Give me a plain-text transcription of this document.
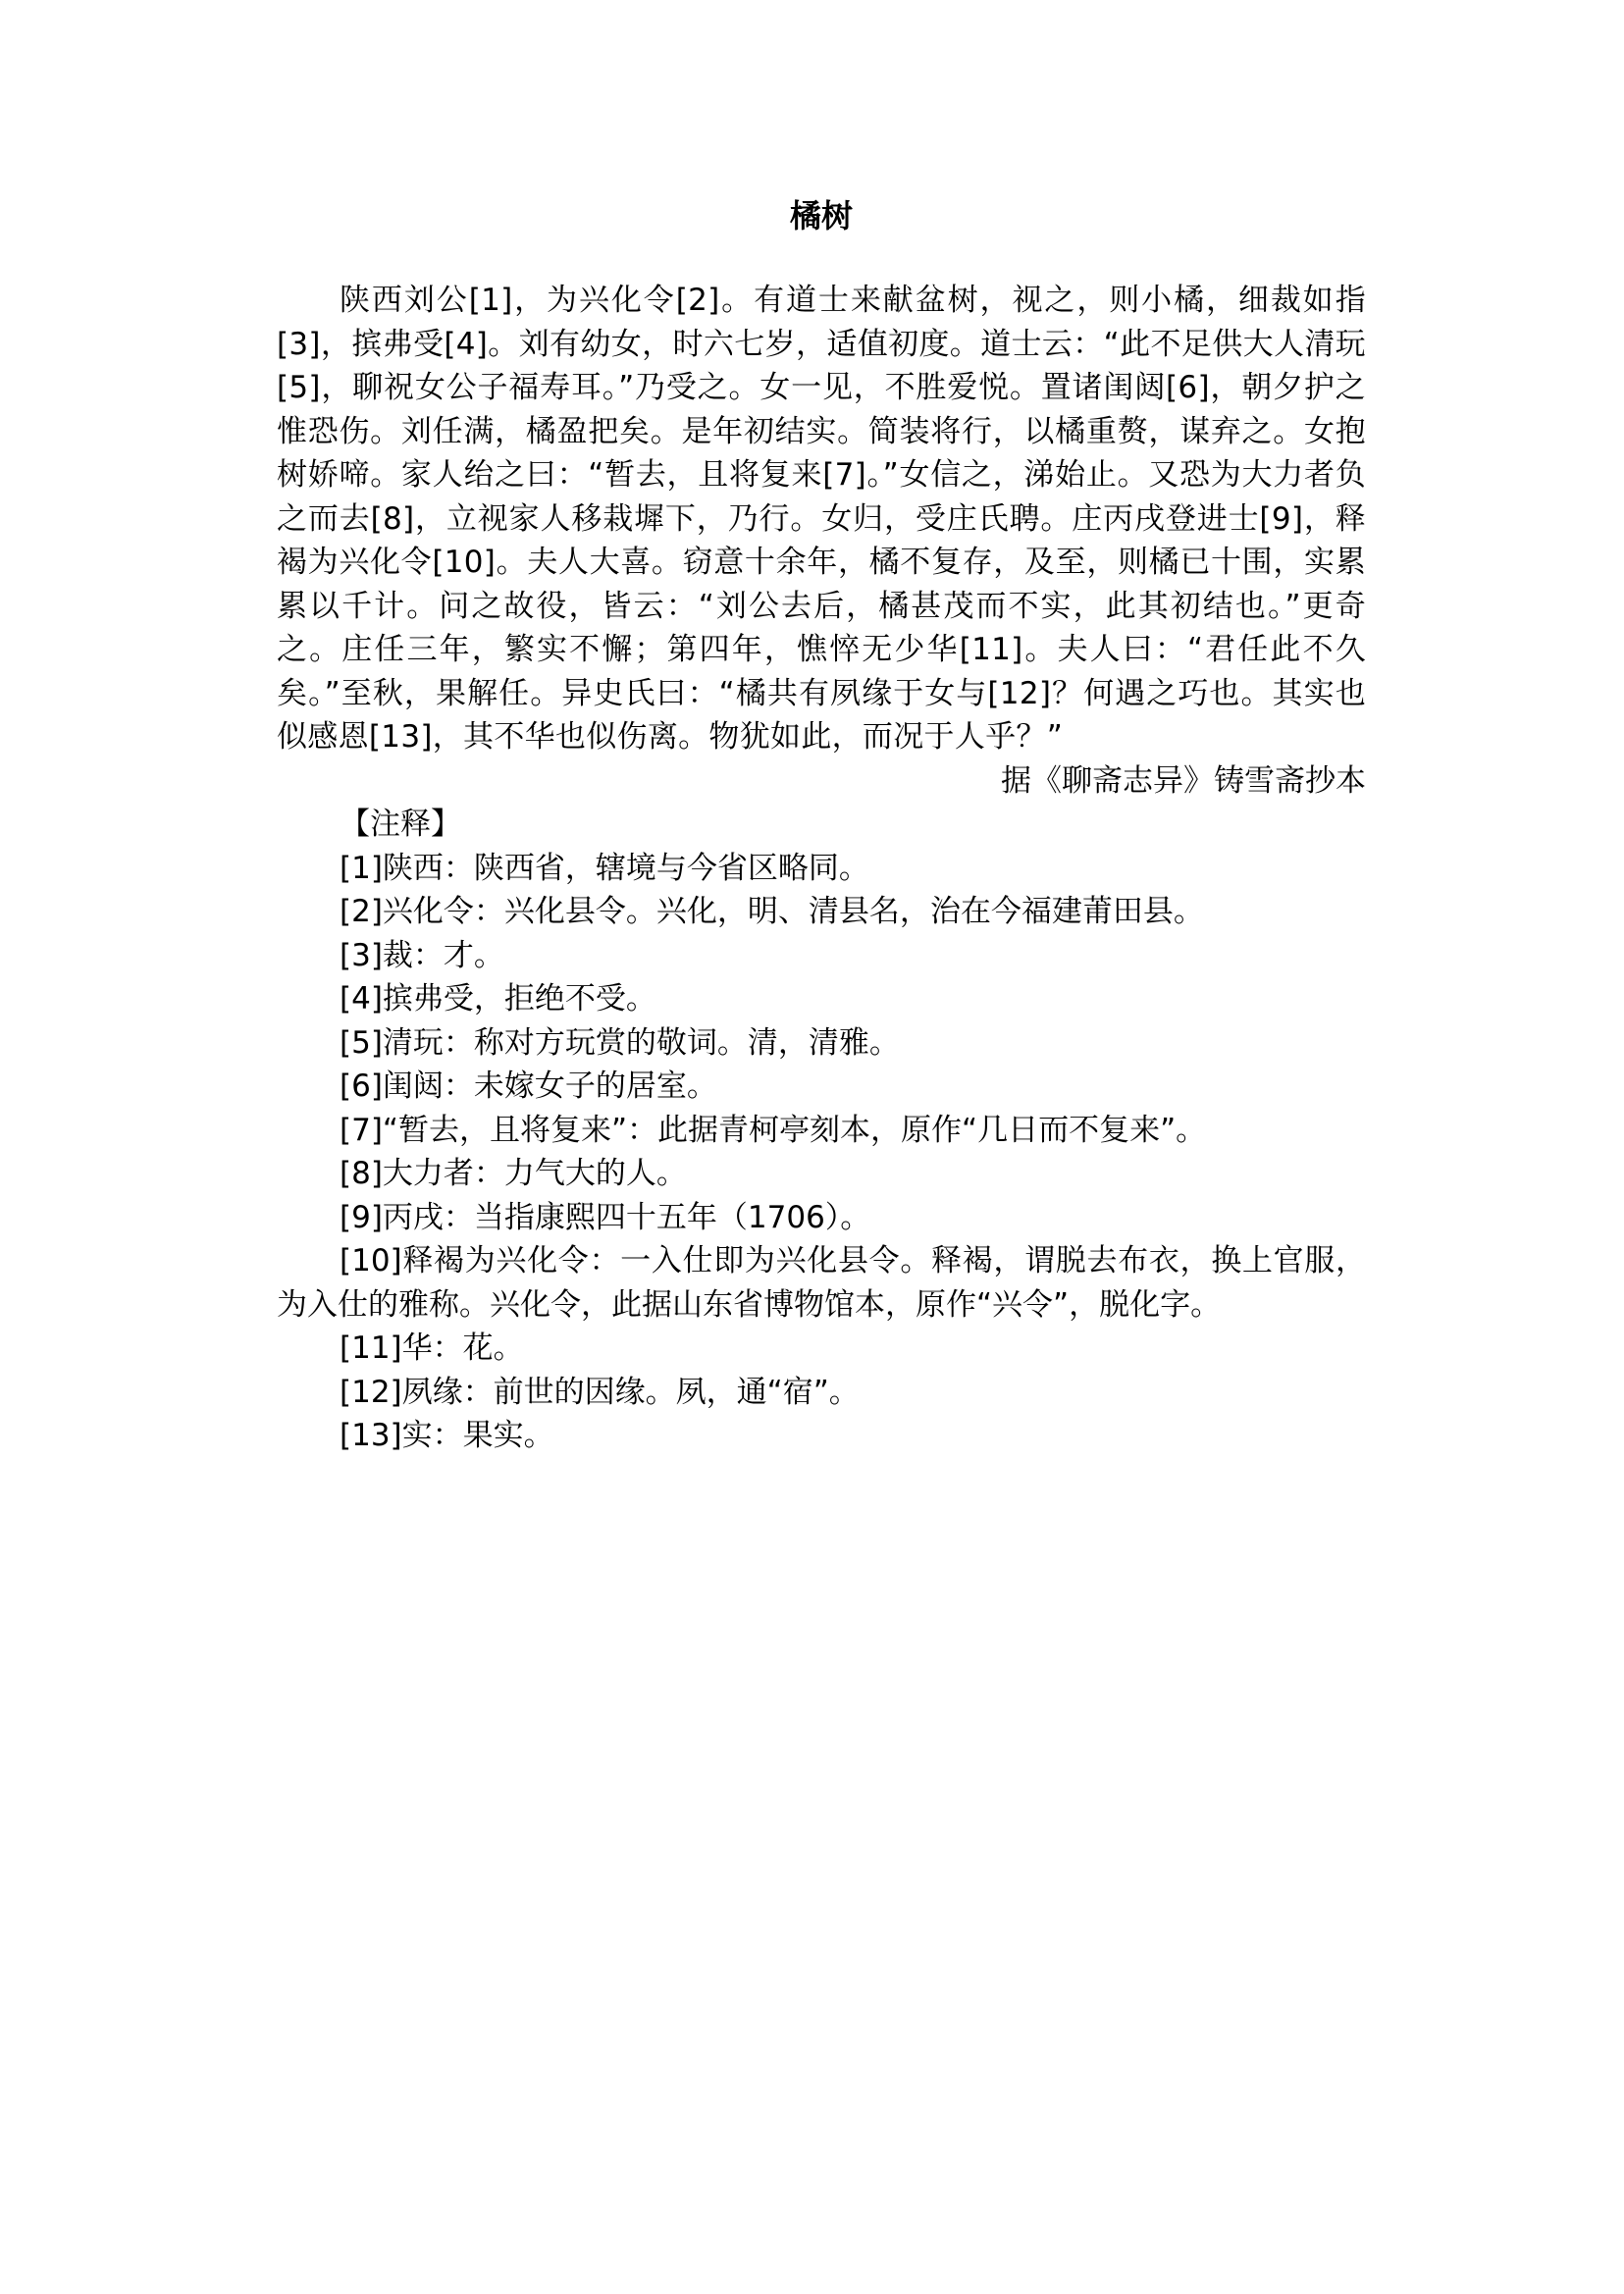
橘树

陕西刘公[1]，为兴化令[2]。有道士来献盆树，视之，则小橘，细裁如指[3]，摈弗受[4]。刘有幼女，时六七岁，适值初度。道士云：“此不足供大人清玩[5]，聊祝女公子福寿耳。”乃受之。女一见，不胜爱悦。置诸闺闼[6]，朝夕护之惟恐伤。刘任满，橘盈把矣。是年初结实。简装将行，以橘重赘，谋弃之。女抱树娇啼。家人绐之曰：“暂去，且将复来[7]。”女信之，涕始止。又恐为大力者负之而去[8]，立视家人移栽墀下，乃行。女归，受庄氏聘。庄丙戌登进士[9]，释褐为兴化令[10]。夫人大喜。窃意十余年，橘不复存，及至，则橘已十围，实累累以千计。问之故役，皆云：“刘公去后，橘甚茂而不实，此其初结也。”更奇之。庄任三年，繁实不懈；第四年，憔悴无少华[11]。夫人曰：“君任此不久矣。”至秋，果解任。异史氏曰：“橘共有夙缘于女与[12]？何遇之巧也。其实也似感恩[13]，其不华也似伤离。物犹如此，而况于人乎？”

据《聊斋志异》铸雪斋抄本

【注释】

[1]陕西：陕西省，辖境与今省区略同。
[2]兴化令：兴化县令。兴化，明、清县名，治在今福建莆田县。
[3]裁：才。
[4]摈弗受，拒绝不受。
[5]清玩：称对方玩赏的敬词。清，清雅。
[6]闺闼：未嫁女子的居室。
[7]“暂去，且将复来”：此据青柯亭刻本，原作“几日而不复来”。
[8]大力者：力气大的人。
[9]丙戌：当指康熙四十五年（1706）。
[10]释褐为兴化令：一入仕即为兴化县令。释褐，谓脱去布衣，换上官服，为入仕的雅称。兴化令，此据山东省博物馆本，原作“兴令”，脱化字。
[11]华：花。
[12]夙缘：前世的因缘。夙，通“宿”。
[13]实：果实。
